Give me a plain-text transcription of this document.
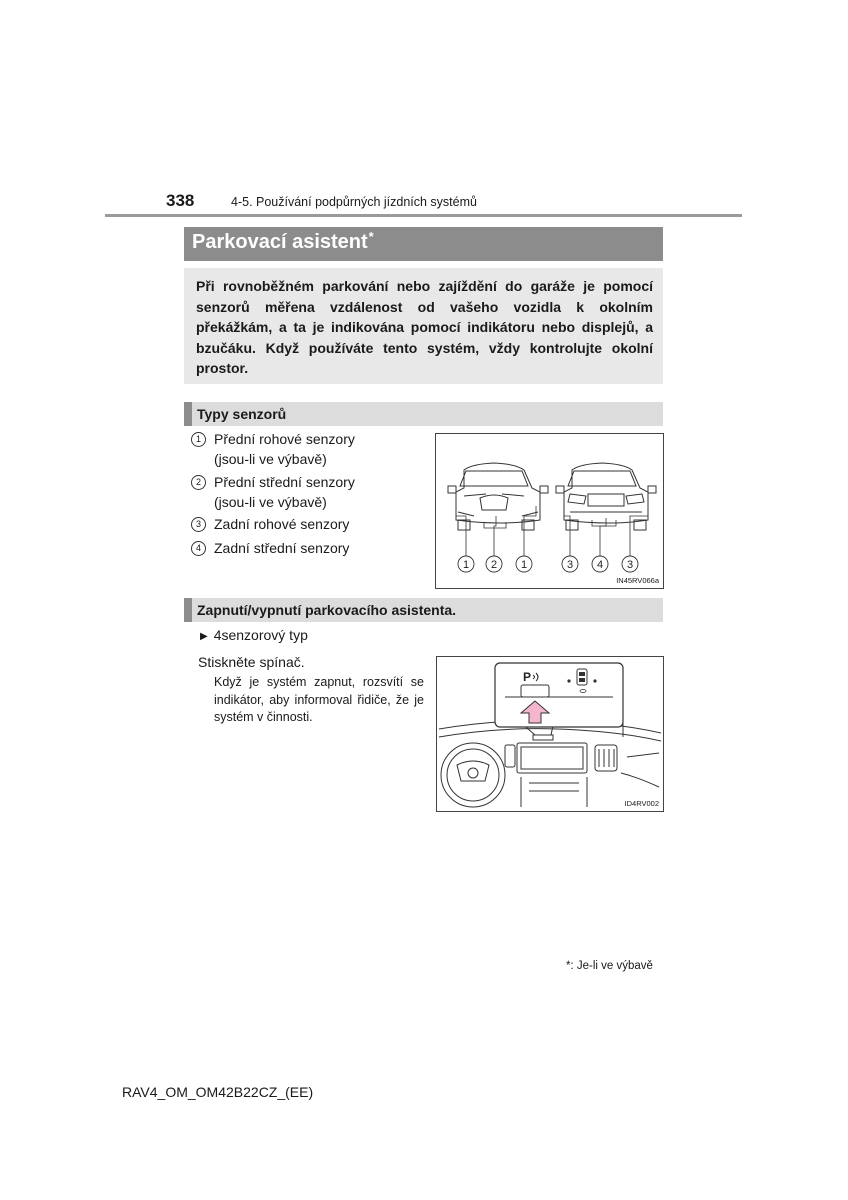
338	4-5. Používání podpůrných jízdních systémů
Parkovací asistent*

Při rovnoběžném parkování nebo zajíždění do garáže je pomocí senzorů měřena vzdálenost od vašeho vozidla k okolním překážkám, a ta je indikována pomocí indikátoru nebo displejů, a bzučáku. Když používáte tento systém, vždy kontrolujte okolní prostor.

Typy senzorů
1 Přední rohové senzory
(jsou-li ve výbavě)
2 Přední střední senzory
(jsou-li ve výbavě)
3 Zadní rohové senzory
4 Zadní střední senzory
1 2 1	3 4 3
IN45RV066a
Zapnutí/vypnutí parkovacího asistenta.
▶ 4senzorový typ
Stiskněte spínač.

Když je systém zapnut, rozsvítí se indikátor, aby informoval řidiče, že je systém v činnosti.

P
ID4RV002
*: Je-li ve výbavě
RAV4_OM_OM42B22CZ_(EE)
